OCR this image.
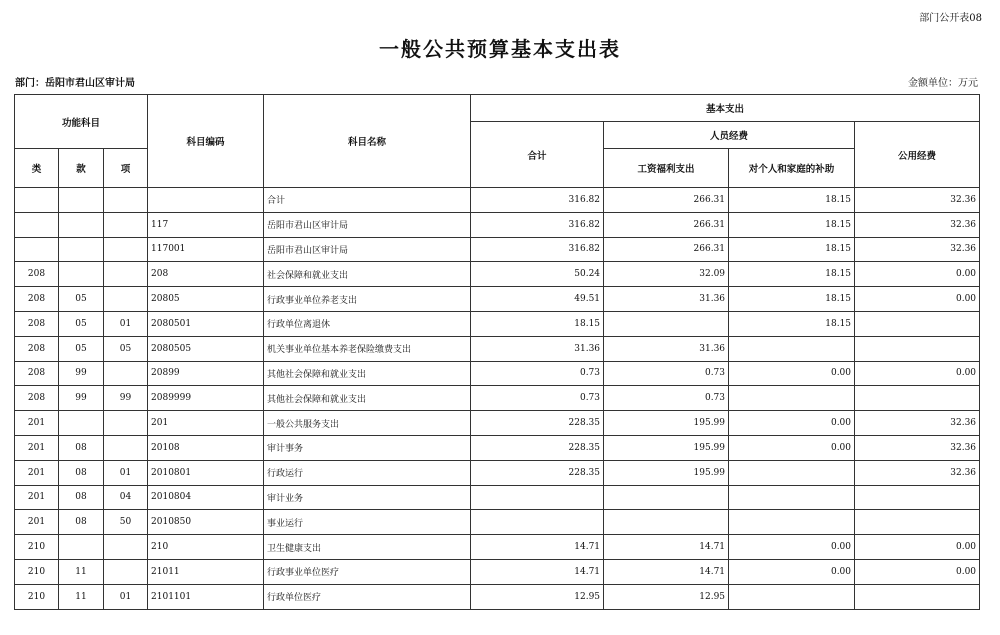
部门公开表08
一般公共预算基本支出表
部门：岳阳市君山区审计局	金额单位：万元
功能科目			科目编码	科目名称	基本支出			
					合计	人员经费		公用经费
类	款	项				工资福利支出	对个人和家庭的补助	
				合计	316.82	266.31	18.15	32.36
			117	岳阳市君山区审计局	316.82	266.31	18.15	32.36
			117001	岳阳市君山区审计局	316.82	266.31	18.15	32.36
208			208	社会保障和就业支出	50.24	32.09	18.15	0.00
208	05		20805	行政事业单位养老支出	49.51	31.36	18.15	0.00
208	05	01	2080501	行政单位离退休	18.15		18.15	
208	05	05	2080505	机关事业单位基本养老保险缴费支出	31.36	31.36		
208	99		20899	其他社会保障和就业支出	0.73	0.73	0.00	0.00
208	99	99	2089999	其他社会保障和就业支出	0.73	0.73		
201			201	一般公共服务支出	228.35	195.99	0.00	32.36
201	08		20108	审计事务	228.35	195.99	0.00	32.36
201	08	01	2010801	行政运行	228.35	195.99		32.36
201	08	04	2010804	审计业务				
201	08	50	2010850	事业运行				
210			210	卫生健康支出	14.71	14.71	0.00	0.00
210	11		21011	行政事业单位医疗	14.71	14.71	0.00	0.00
210	11	01	2101101	行政单位医疗	12.95	12.95		
